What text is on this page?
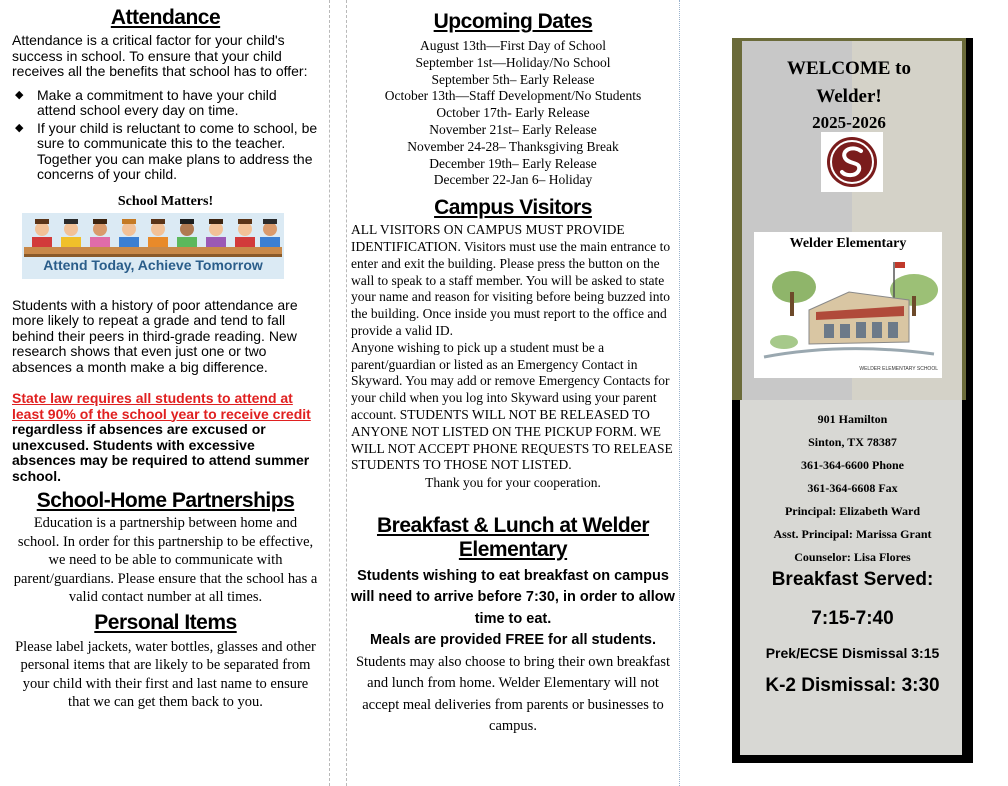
Attendance

Attendance is a critical factor for your child's success in school. To ensure that your child receives all the benefits that school has to offer:

◆ Make a commitment to have your child attend school every day on time.
◆ If your child is reluctant to come to school, be sure to communicate this to the teacher. Together you can make plans to address the concerns of your child.
School Matters!
Attend Today, Achieve Tomorrow

Students with a history of poor attendance are more likely to repeat a grade and tend to fall behind their peers in third-grade reading. New research shows that even just one or two absences a month make a big difference.

State law requires all students to attend at least 90% of the school year to receive credit regardless if absences are excused or unexcused. Students with excessive absences may be required to attend summer school.

School-Home Partnerships

Education is a partnership between home and school. In order for this partnership to be effective, we need to be able to communicate with parent/guardians. Please ensure that the school has a valid contact number at all times.

Personal Items

Please label jackets, water bottles, glasses and other personal items that are likely to be separated from your child with their first and last name to ensure that we can get them back to you.

Upcoming Dates
August 13th—First Day of School
September 1st—Holiday/No School
September 5th– Early Release
October 13th—Staff Development/No Students
October 17th- Early Release
November 21st– Early Release
November 24-28– Thanksgiving Break
December 19th– Early Release
December 22-Jan 6– Holiday
Campus Visitors
ALL VISITORS ON CAMPUS MUST PROVIDE IDENTIFICATION. Visitors must use the main entrance to enter and exit the building. Please press the button on the wall to speak to a staff member. You will be asked to state your name and reason for visiting before being buzzed into the building. Once inside you must report to the office and provide a valid ID.
Anyone wishing to pick up a student must be a parent/guardian or listed as an Emergency Contact in Skyward. You may add or remove Emergency Contacts for your child when you log into Skyward using your parent account. STUDENTS WILL NOT BE RELEASED TO ANYONE NOT LISTED ON THE PICKUP FORM. WE WILL NOT ACCEPT PHONE REQUESTS TO RELEASE STUDENTS TO THOSE NOT LISTED.
Thank you for your cooperation.
Breakfast & Lunch at Welder Elementary
Students wishing to eat breakfast on campus will need to arrive before 7:30, in order to allow time to eat.
Meals are provided FREE for all students.
Students may also choose to bring their own breakfast and lunch from home. Welder Elementary will not accept meal deliveries from parents or businesses to campus.
WELCOME to
Welder!
2025-2026
Welder Elementary
WELDER ELEMENTARY SCHOOL
901 Hamilton
Sinton, TX 78387
361-364-6600 Phone
361-364-6608 Fax
Principal: Elizabeth Ward
Asst. Principal: Marissa Grant
Counselor: Lisa Flores
Breakfast Served:
7:15-7:40
Prek/ECSE Dismissal 3:15
K-2 Dismissal: 3:30
